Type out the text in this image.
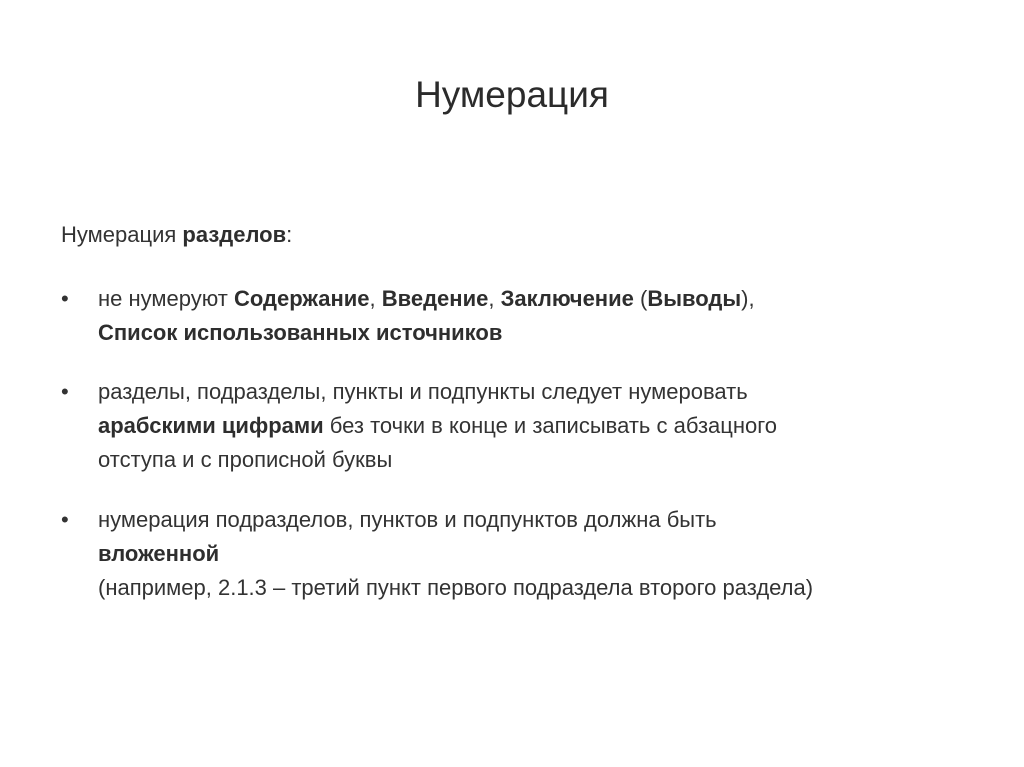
Нумерация

Нумерация разделов:

• не нумеруют Содержание, Введение, Заключение (Выводы),
Список использованных источников
• разделы, подразделы, пункты и подпункты следует нумеровать
арабскими цифрами без точки в конце и записывать с абзацного
отступа и с прописной буквы
• нумерация подразделов, пунктов и подпунктов должна быть
вложенной
(например, 2.1.3 – третий пункт первого подраздела второго раздела)
